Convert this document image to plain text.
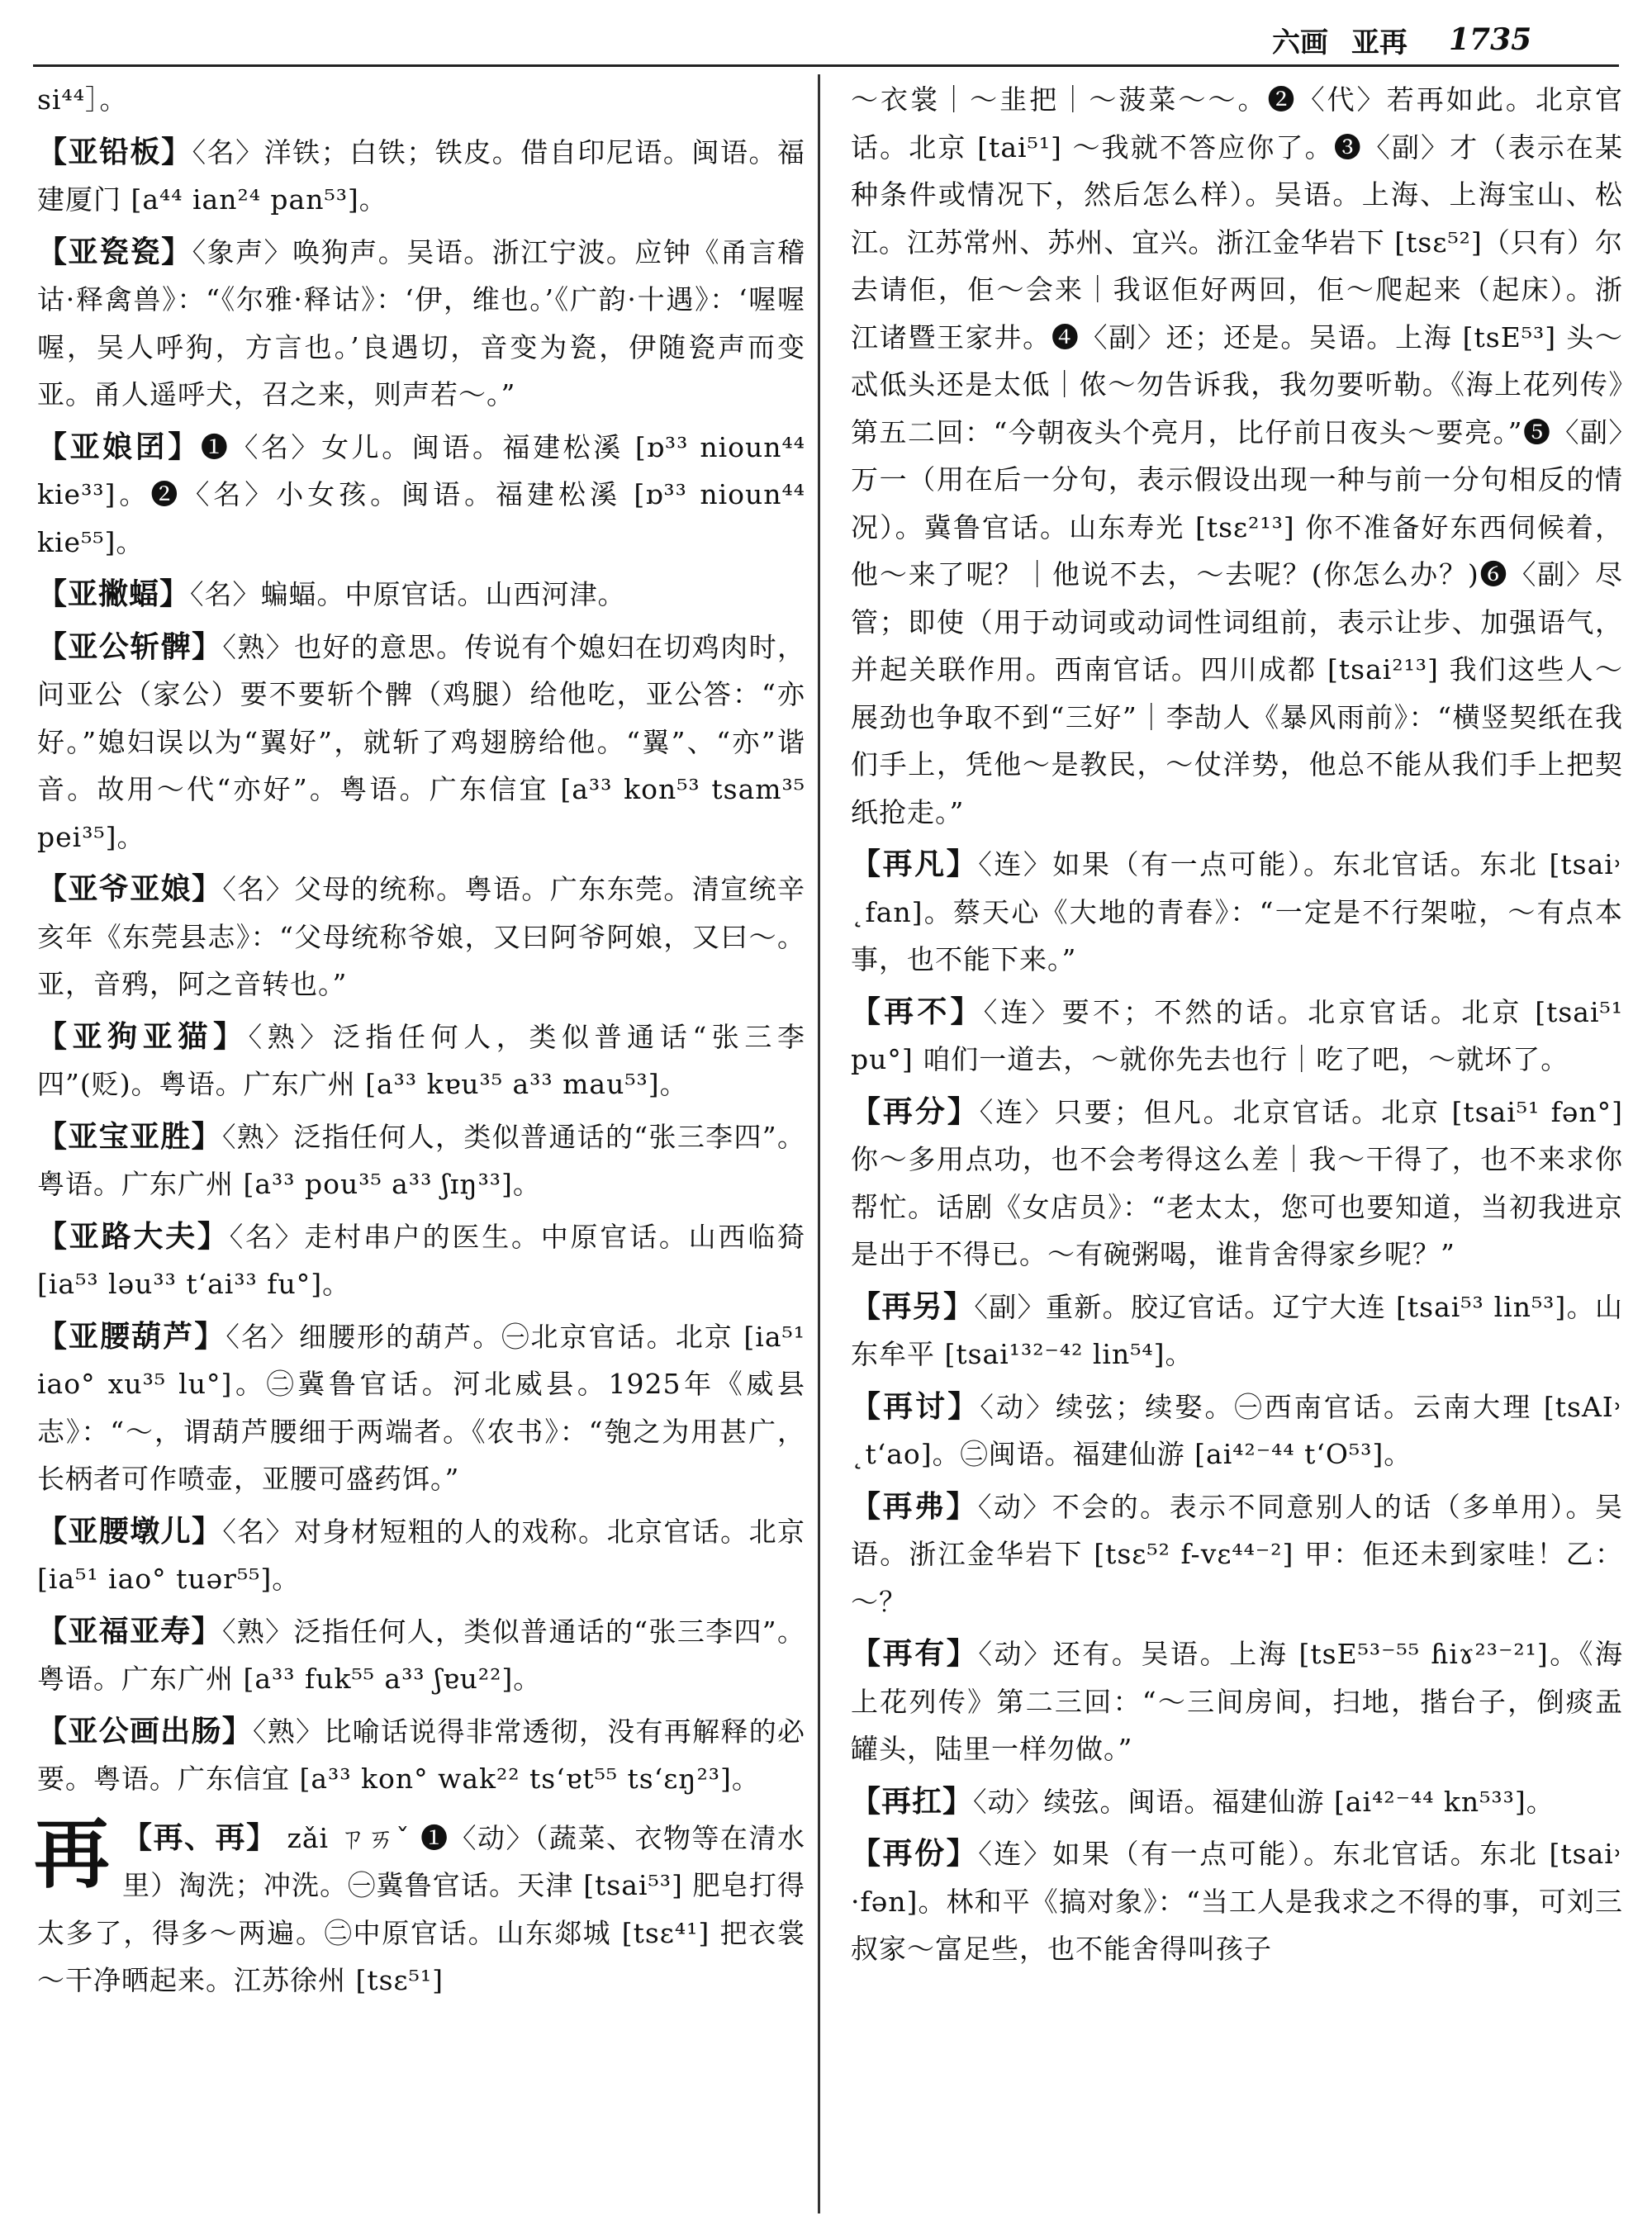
六画 亚再 1735
si⁴⁴］。
【亚铅板】〈名〉洋铁；白铁；铁皮。借自印尼语。闽语。福建厦门 [a⁴⁴ ian²⁴ pan⁵³]。
【亚瓷瓷】〈象声〉唤狗声。吴语。浙江宁波。应钟《甬言稽诂·释禽兽》：“《尔雅·释诂》：‘伊，维也。’《广韵·十遇》：‘喔喔喔，吴人呼狗，方言也。’良遇切，音变为瓷，伊随瓷声而变亚。甬人遥呼犬，召之来，则声若～。”
【亚娘囝】❶〈名〉女儿。闽语。福建松溪 [ɒ³³ nioun⁴⁴ kie³³]。❷〈名〉小女孩。闽语。福建松溪 [ɒ³³ nioun⁴⁴ kie⁵⁵]。
【亚撇蝠】〈名〉蝙蝠。中原官话。山西河津。
【亚公斩髀】〈熟〉也好的意思。传说有个媳妇在切鸡肉时，问亚公（家公）要不要斩个髀（鸡腿）给他吃，亚公答：“亦好。”媳妇误以为“翼好”，就斩了鸡翅膀给他。“翼”、“亦”谐音。故用～代“亦好”。粤语。广东信宜 [a³³ kon⁵³ tsam³⁵ pei³⁵]。
【亚爷亚娘】〈名〉父母的统称。粤语。广东东莞。清宣统辛亥年《东莞县志》：“父母统称爷娘，又曰阿爷阿娘，又曰～。亚，音鸦，阿之音转也。”
【亚狗亚猫】〈熟〉泛指任何人，类似普通话“张三李四”(贬)。粤语。广东广州 [a³³ kɐu³⁵ a³³ mau⁵³]。
【亚宝亚胜】〈熟〉泛指任何人，类似普通话的“张三李四”。粤语。广东广州 [a³³ pou³⁵ a³³ ʃɪŋ³³]。
【亚路大夫】〈名〉走村串户的医生。中原官话。山西临猗 [ia⁵³ ləu³³ tʻai³³ fu°]。
【亚腰葫芦】〈名〉细腰形的葫芦。㊀北京官话。北京 [ia⁵¹ iao° xu³⁵ lu°]。㊁冀鲁官话。河北威县。1925年《威县志》：“～，谓葫芦腰细于两端者。《农书》：“匏之为用甚广，长柄者可作喷壶，亚腰可盛药饵。”
【亚腰墩儿】〈名〉对身材短粗的人的戏称。北京官话。北京 [ia⁵¹ iao° tuər⁵⁵]。
【亚福亚寿】〈熟〉泛指任何人，类似普通话的“张三李四”。粤语。广东广州 [a³³ fuk⁵⁵ a³³ ʃɐu²²]。
【亚公画出肠】〈熟〉比喻话说得非常透彻，没有再解释的必要。粤语。广东信宜 [a³³ kon° wak²² tsʻɐt⁵⁵ tsʻɛŋ²³]。
再 【再、再】 zǎi ㄗㄞˇ ❶〈动〉（蔬菜、衣物等在清水里）淘洗；冲洗。㊀冀鲁官话。天津 [tsai⁵³] 肥皂打得太多了，得多～两遍。㊁中原官话。山东郯城 [tsɛ⁴¹] 把衣裳～干净晒起来。江苏徐州 [tsɛ⁵¹]
～衣裳｜～韭把｜～菠菜～～。❷〈代〉若再如此。北京官话。北京 [tai⁵¹] ～我就不答应你了。❸〈副〉才（表示在某种条件或情况下，然后怎么样）。吴语。上海、上海宝山、松江。江苏常州、苏州、宜兴。浙江金华岩下 [tsɛ⁵²]（只有）尔去请佢，佢～会来｜我讴佢好两回，佢～爬起来（起床）。浙江诸暨王家井。❹〈副〉还；还是。吴语。上海 [tsE⁵³] 头～忒低头还是太低｜侬～勿告诉我，我勿要听勒。《海上花列传》第五二回：“今朝夜头个亮月，比仔前日夜头～要亮。”❺〈副〉万一（用在后一分句，表示假设出现一种与前一分句相反的情况）。冀鲁官话。山东寿光 [tsɛ²¹³] 你不准备好东西伺候着，他～来了呢？｜他说不去，～去呢？(你怎么办？)❻〈副〉尽管；即使（用于动词或动词性词组前，表示让步、加强语气，并起关联作用。西南官话。四川成都 [tsai²¹³] 我们这些人～展劲也争取不到“三好”｜李劼人《暴风雨前》：“横竖契纸在我们手上，凭他～是教民，～仗洋势，他总不能从我们手上把契纸抢走。”
【再凡】〈连〉如果（有一点可能）。东北官话。东北 [tsai˒ ˛fan]。蔡天心《大地的青春》：“一定是不行架啦，～有点本事，也不能下来。”
【再不】〈连〉要不；不然的话。北京官话。北京 [tsai⁵¹ pu°] 咱们一道去，～就你先去也行｜吃了吧，～就坏了。
【再分】〈连〉只要；但凡。北京官话。北京 [tsai⁵¹ fən°] 你～多用点功，也不会考得这么差｜我～干得了，也不来求你帮忙。话剧《女店员》：“老太太，您可也要知道，当初我进京是出于不得已。～有碗粥喝，谁肯舍得家乡呢？”
【再另】〈副〉重新。胶辽官话。辽宁大连 [tsai⁵³ lin⁵³]。山东牟平 [tsai¹³²⁻⁴² lin⁵⁴]。
【再讨】〈动〉续弦；续娶。㊀西南官话。云南大理 [tsAI˒ ˛tʻao]。㊁闽语。福建仙游 [ai⁴²⁻⁴⁴ tʻO⁵³]。
【再弗】〈动〉不会的。表示不同意别人的话（多单用）。吴语。浙江金华岩下 [tsɛ⁵² f-vɛ⁴⁴⁻²] 甲：佢还未到家哇！乙：～？
【再有】〈动〉还有。吴语。上海 [tsE⁵³⁻⁵⁵ ɦiɤ²³⁻²¹]。《海上花列传》第二三回：“～三间房间，扫地，揩台子，倒痰盂罐头，陆里一样勿做。”
【再扛】〈动〉续弦。闽语。福建仙游 [ai⁴²⁻⁴⁴ kn⁵³³]。
【再份】〈连〉如果（有一点可能）。东北官话。东北 [tsai˒ ·fən]。林和平《搞对象》：“当工人是我求之不得的事，可刘三叔家～富足些，也不能舍得叫孩子
